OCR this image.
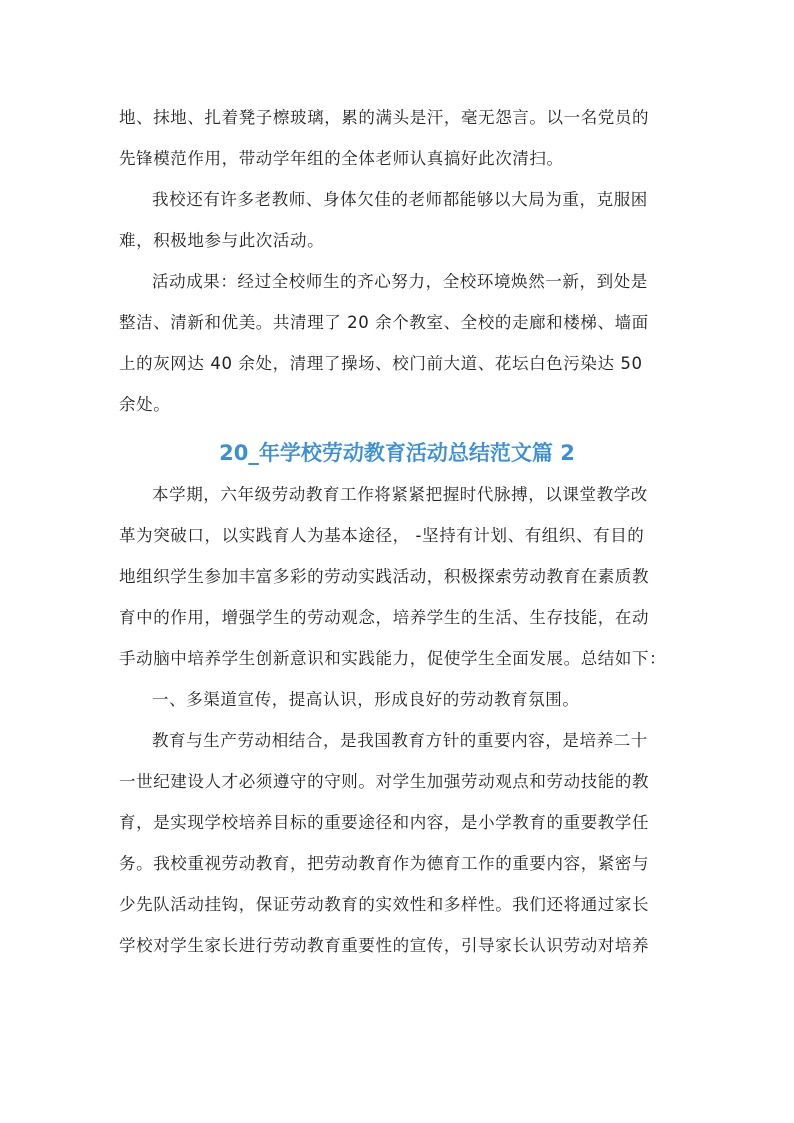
地、抹地、扎着凳子檫玻璃，累的满头是汗，毫无怨言。以一名党员的
先锋模范作用，带动学年组的全体老师认真搞好此次清扫。
我校还有许多老教师、身体欠佳的老师都能够以大局为重，克服困
难，积极地参与此次活动。
活动成果：经过全校师生的齐心努力，全校环境焕然一新，到处是
整洁、清新和优美。共清理了 20 余个教室、全校的走廊和楼梯、墙面
上的灰网达 40 余处，清理了操场、校门前大道、花坛白色污染达 50
余处。
20_年学校劳动教育活动总结范文篇 2
本学期，六年级劳动教育工作将紧紧把握时代脉搏，以课堂教学改
革为突破口，以实践育人为基本途径， -坚持有计划、有组织、有目的
地组织学生参加丰富多彩的劳动实践活动，积极探索劳动教育在素质教
育中的作用，增强学生的劳动观念，培养学生的生活、生存技能，在动
手动脑中培养学生创新意识和实践能力，促使学生全面发展。总结如下：
一、多渠道宣传，提高认识，形成良好的劳动教育氛围。
教育与生产劳动相结合，是我国教育方针的重要内容，是培养二十
一世纪建设人才必须遵守的守则。对学生加强劳动观点和劳动技能的教
育，是实现学校培养目标的重要途径和内容，是小学教育的重要教学任
务。我校重视劳动教育，把劳动教育作为德育工作的重要内容，紧密与
少先队活动挂钩，保证劳动教育的实效性和多样性。我们还将通过家长
学校对学生家长进行劳动教育重要性的宣传，引导家长认识劳动对培养
